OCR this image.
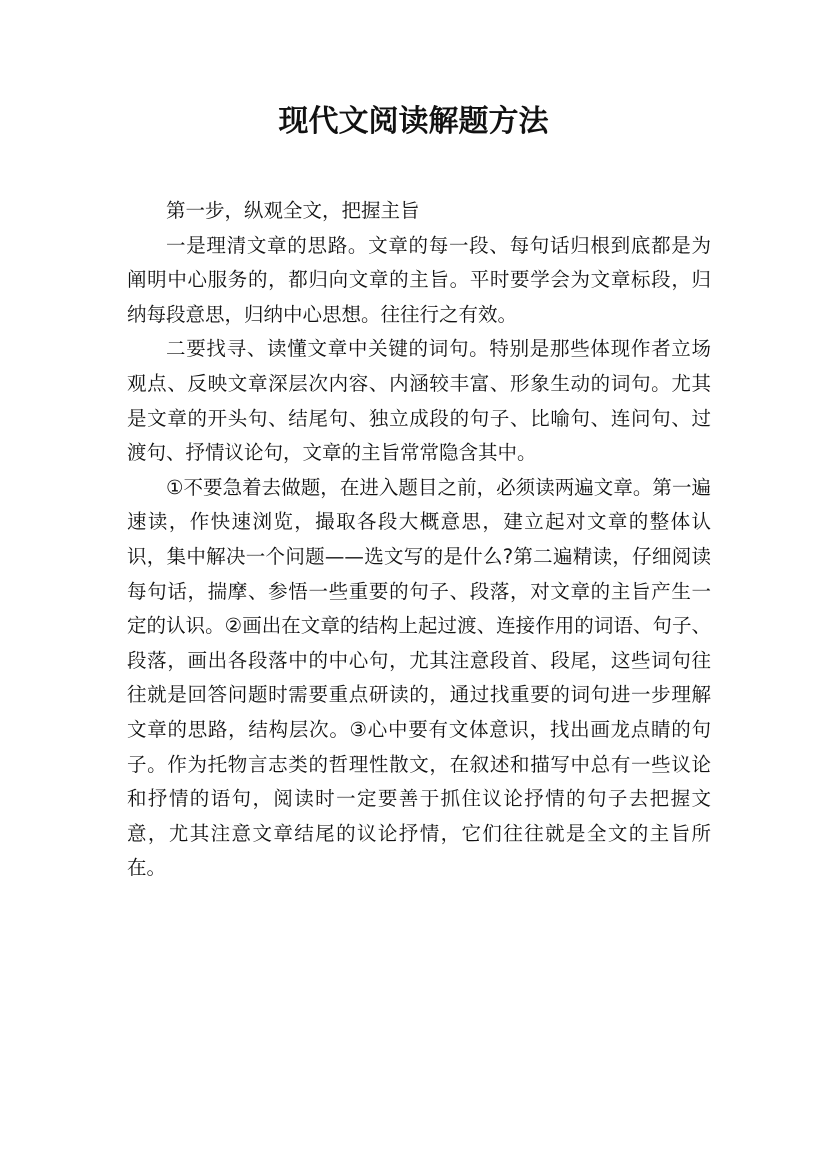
现代文阅读解题方法

第一步，纵观全文，把握主旨

一是理清文章的思路。文章的每一段、每句话归根到底都是为阐明中心服务的，都归向文章的主旨。平时要学会为文章标段，归纳每段意思，归纳中心思想。往往行之有效。

二要找寻、读懂文章中关键的词句。特别是那些体现作者立场观点、反映文章深层次内容、内涵较丰富、形象生动的词句。尤其是文章的开头句、结尾句、独立成段的句子、比喻句、连问句、过渡句、抒情议论句，文章的主旨常常隐含其中。

①不要急着去做题，在进入题目之前，必须读两遍文章。第一遍速读，作快速浏览，撮取各段大概意思，建立起对文章的整体认识，集中解决一个问题——选文写的是什么?第二遍精读，仔细阅读每句话，揣摩、参悟一些重要的句子、段落，对文章的主旨产生一定的认识。②画出在文章的结构上起过渡、连接作用的词语、句子、段落，画出各段落中的中心句，尤其注意段首、段尾，这些词句往往就是回答问题时需要重点研读的，通过找重要的词句进一步理解文章的思路，结构层次。③心中要有文体意识，找出画龙点睛的句子。作为托物言志类的哲理性散文，在叙述和描写中总有一些议论和抒情的语句，阅读时一定要善于抓住议论抒情的句子去把握文意，尤其注意文章结尾的议论抒情，它们往往就是全文的主旨所在。
